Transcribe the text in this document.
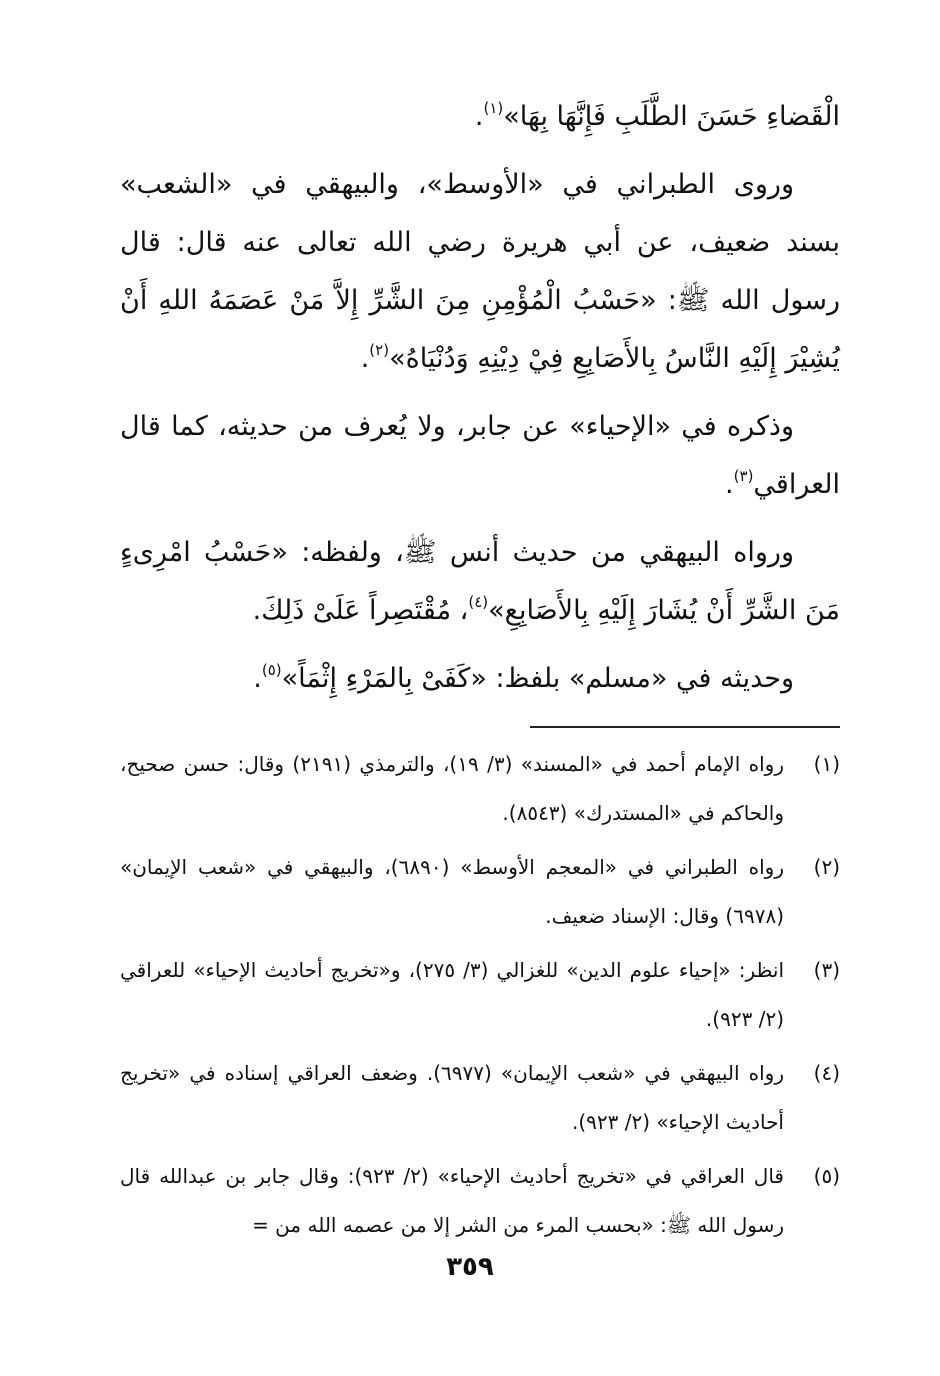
الْقَضاءِ حَسَنَ الطَّلَبِ فَإِنَّهَا بِهَا»$^{(١)}$.

وروى الطبراني في «الأوسط»، والبيهقي في «الشعب» بسند ضعيف، عن أبي هريرة رضي الله تعالى عنه قال: قال رسول الله ﷺ: «حَسْبُ الْمُؤْمِنِ مِنَ الشَّرِّ إِلاَّ مَنْ عَصَمَهُ اللهِ أَنْ يُشِيْرَ إِلَيْهِ النَّاسُ بِالأَصَابِعِ فِيْ دِيْنِهِ وَدُنْيَاهُ»$^{(٢)}$.

وذكره في «الإحياء» عن جابر، ولا يُعرف من حديثه، كما قال العراقي$^{(٣)}$.

ورواه البيهقي من حديث أنس ﷺ، ولفظه: «حَسْبُ امْرِىءٍ مَنَ الشَّرِّ أَنْ يُشَارَ إِلَيْهِ بِالأَصَابِعِ»$^{(٤)}$، مُقْتَصِراً عَلَىْ ذَلِكَ.

وحديثه في «مسلم» بلفظ: «كَفَىْ بِالمَرْءِ إِثْمَاً»$^{(٥)}$.

(١)
رواه الإمام أحمد في «المسند» (٣/ ١٩)، والترمذي (٢١٩١) وقال: حسن صحيح، والحاكم في «المستدرك» (٨٥٤٣).
(٢)
رواه الطبراني في «المعجم الأوسط» (٦٨٩٠)، والبيهقي في «شعب الإيمان» (٦٩٧٨) وقال: الإسناد ضعيف.
(٣)
انظر: «إحياء علوم الدين» للغزالي (٣/ ٢٧٥)، و«تخريج أحاديث الإحياء» للعراقي (٢/ ٩٢٣).
(٤)
رواه البيهقي في «شعب الإيمان» (٦٩٧٧). وضعف العراقي إسناده في «تخريج أحاديث الإحياء» (٢/ ٩٢٣).
(٥)
قال العراقي في «تخريج أحاديث الإحياء» (٢/ ٩٢٣): وقال جابر بن عبدالله قال رسول الله ﷺ: «بحسب المرء من الشر إلا من عصمه الله من =
٣٥٩
